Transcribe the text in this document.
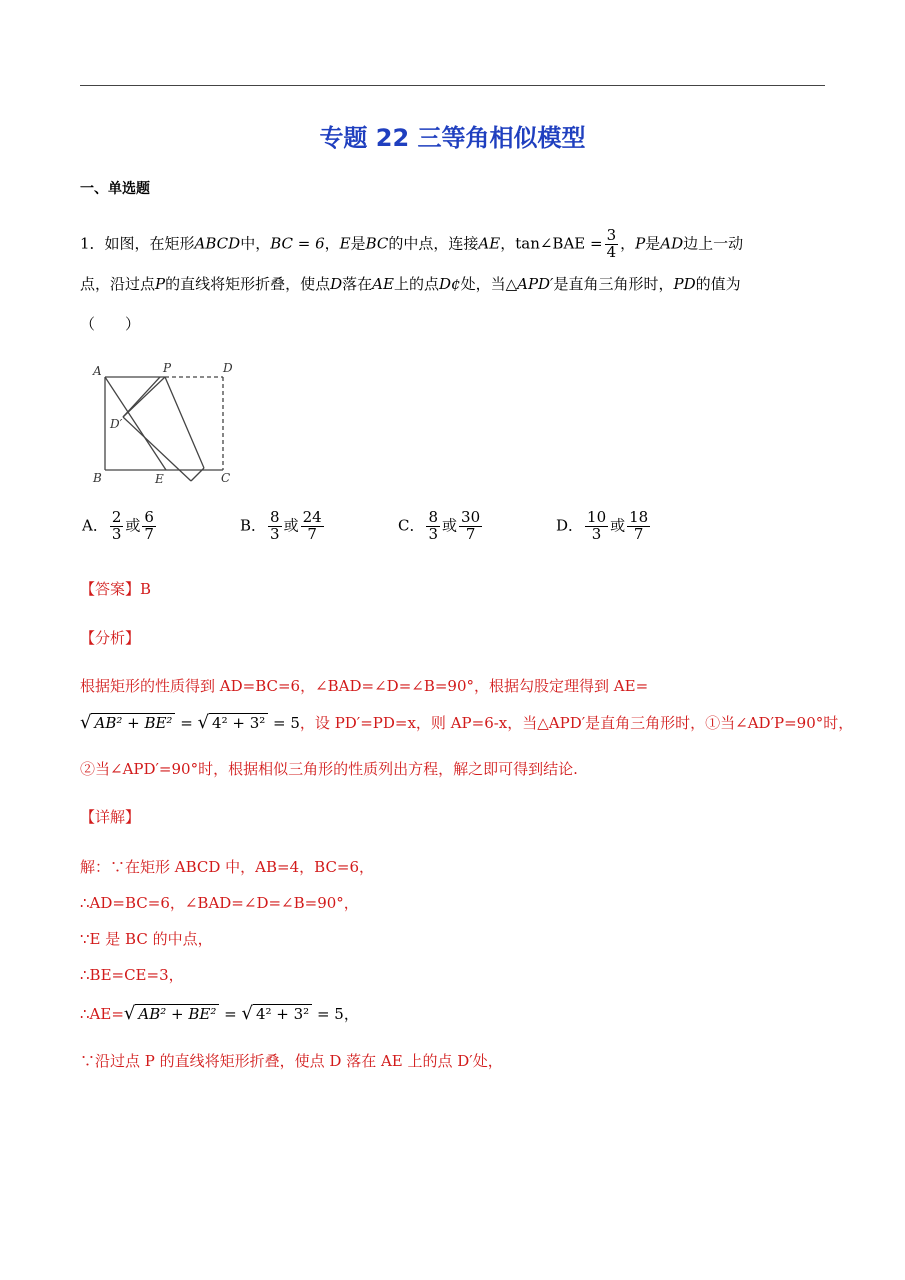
专题 22 三等角相似模型
一、单选题
1．如图，在矩形ABCD中，BC = 6，E是BC的中点，连接AE，tan∠BAE = $\frac{3}{4}$ ，P是AD边上一动
点，沿过点P的直线将矩形折叠，使点D落在AE上的点D¢处，当△APD′是直角三角形时，PD的值为
（　　）
A	P	D
D′
B	E	C
A． $\frac{2}{3}$ 或 $\frac{6}{7}$	B． $\frac{8}{3}$ 或 $\frac{24}{7}$	C． $\frac{8}{3}$ 或 $\frac{30}{7}$	D． $\frac{10}{3}$ 或 $\frac{18}{7}$
【答案】B
【分析】
根据矩形的性质得到 AD=BC=6，∠BAD=∠D=∠B=90°，根据勾股定理得到 AE=
√ AB² + BE² = √ 4² + 3² = 5，设 PD′=PD=x，则 AP=6-x，当△APD′是直角三角形时，①当∠AD′P=90°时，
②当∠APD′=90°时，根据相似三角形的性质列出方程，解之即可得到结论.
【详解】
解：∵在矩形 ABCD 中，AB=4，BC=6，
∴AD=BC=6，∠BAD=∠D=∠B=90°，
∵E 是 BC 的中点，
∴BE=CE=3，
∴AE=√ AB² + BE² = √ 4² + 3² = 5，
∵沿过点 P 的直线将矩形折叠，使点 D 落在 AE 上的点 D′处，
